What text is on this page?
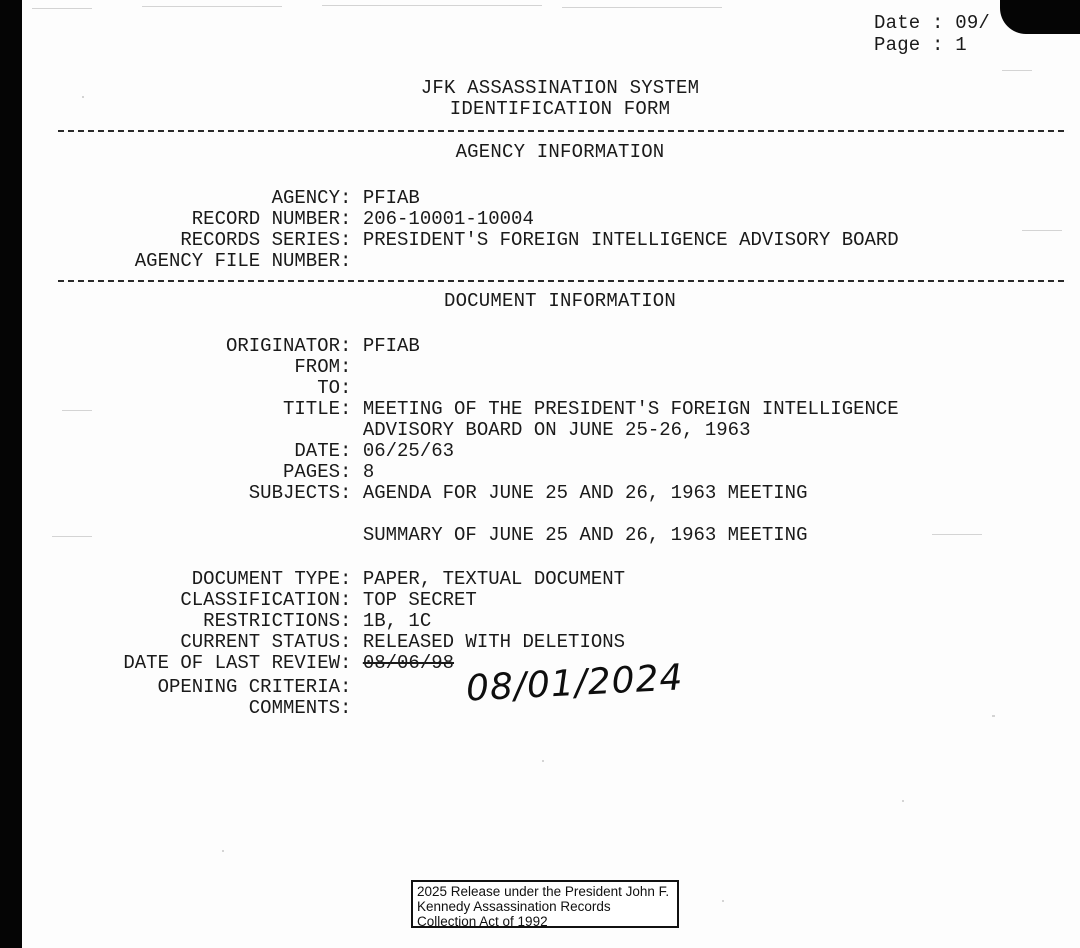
Date : 09/
Page : 1
JFK ASSASSINATION SYSTEM
IDENTIFICATION FORM
AGENCY INFORMATION
AGENCY : PFIAB
RECORD NUMBER : 206-10001-10004
RECORDS SERIES : PRESIDENT'S FOREIGN INTELLIGENCE ADVISORY BOARD
AGENCY FILE NUMBER :
DOCUMENT INFORMATION
ORIGINATOR : PFIAB
FROM :
TO :
TITLE : MEETING OF THE PRESIDENT'S FOREIGN INTELLIGENCE
ADVISORY BOARD ON JUNE 25-26, 1963
DATE : 06/25/63
PAGES : 8
SUBJECTS : AGENDA FOR JUNE 25 AND 26, 1963 MEETING
SUMMARY OF JUNE 25 AND 26, 1963 MEETING
DOCUMENT TYPE : PAPER, TEXTUAL DOCUMENT
CLASSIFICATION : TOP SECRET
RESTRICTIONS : 1B, 1C
CURRENT STATUS : RELEASED WITH DELETIONS
DATE OF LAST REVIEW : 08/06/98 08/01/2024
OPENING CRITERIA :
COMMENTS :
2025 Release under the President John F.
Kennedy Assassination Records
Collection Act of 1992
